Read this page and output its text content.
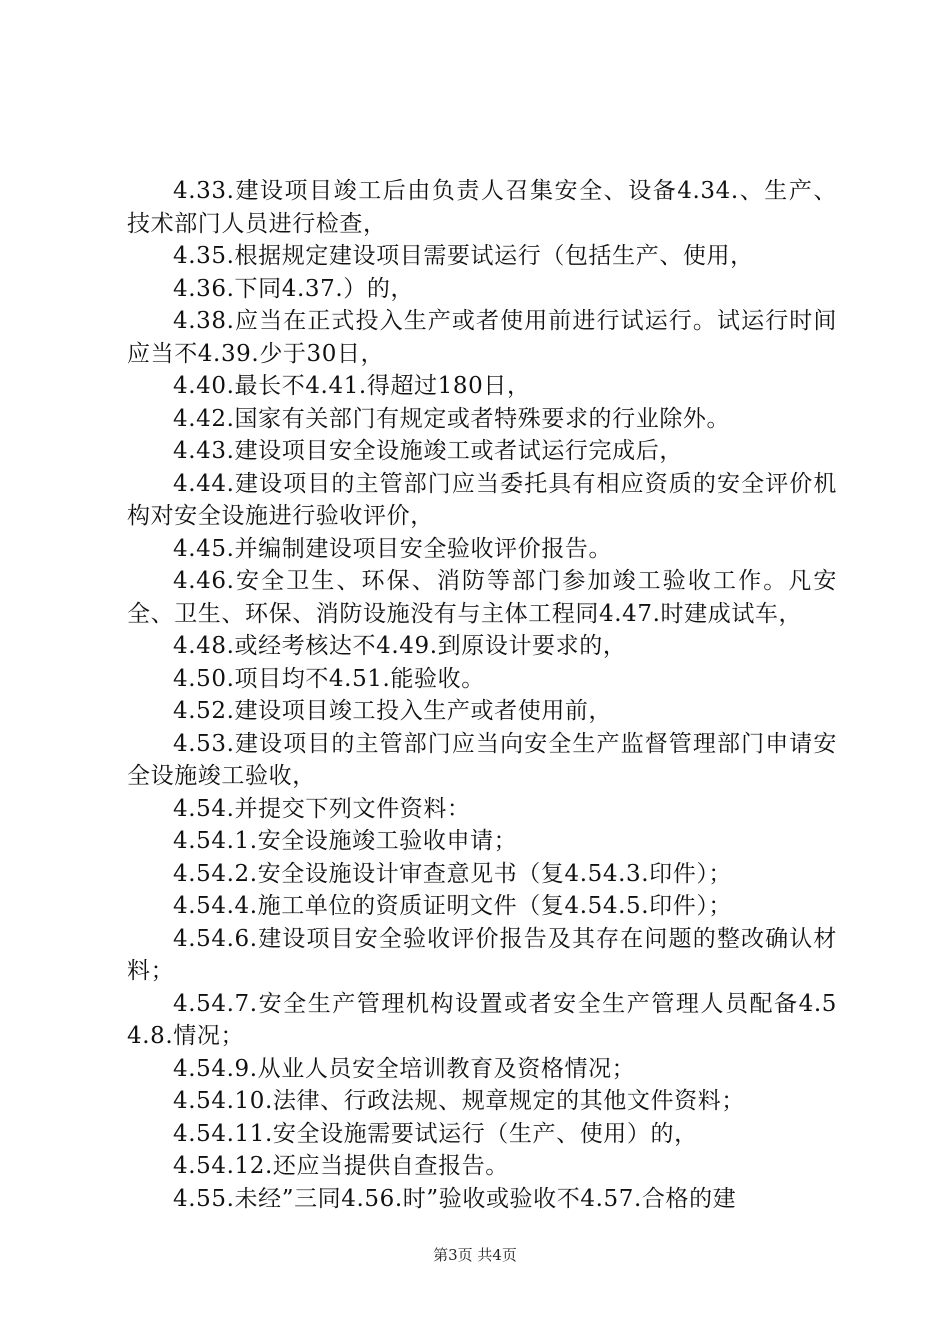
4.33.建设项目竣工后由负责人召集安全、设备4.34.、生产、技术部门人员进行检查，

4.35.根据规定建设项目需要试运行（包括生产、使用，

4.36.下同4.37.）的，

4.38.应当在正式投入生产或者使用前进行试运行。试运行时间应当不4.39.少于30日，

4.40.最长不4.41.得超过180日，

4.42.国家有关部门有规定或者特殊要求的行业除外。

4.43.建设项目安全设施竣工或者试运行完成后，

4.44.建设项目的主管部门应当委托具有相应资质的安全评价机构对安全设施进行验收评价，

4.45.并编制建设项目安全验收评价报告。

4.46.安全卫生、环保、消防等部门参加竣工验收工作。凡安全、卫生、环保、消防设施没有与主体工程同4.47.时建成试车，

4.48.或经考核达不4.49.到原设计要求的，

4.50.项目均不4.51.能验收。

4.52.建设项目竣工投入生产或者使用前，

4.53.建设项目的主管部门应当向安全生产监督管理部门申请安全设施竣工验收，

4.54.并提交下列文件资料：

4.54.1.安全设施竣工验收申请；

4.54.2.安全设施设计审查意见书（复4.54.3.印件）；

4.54.4.施工单位的资质证明文件（复4.54.5.印件）；

4.54.6.建设项目安全验收评价报告及其存在问题的整改确认材料；

4.54.7.安全生产管理机构设置或者安全生产管理人员配备4.54.8.情况；

4.54.9.从业人员安全培训教育及资格情况；

4.54.10.法律、行政法规、规章规定的其他文件资料；

4.54.11.安全设施需要试运行（生产、使用）的，

4.54.12.还应当提供自查报告。

4.55.未经”三同4.56.时”验收或验收不4.57.合格的建

第3页 共4页
